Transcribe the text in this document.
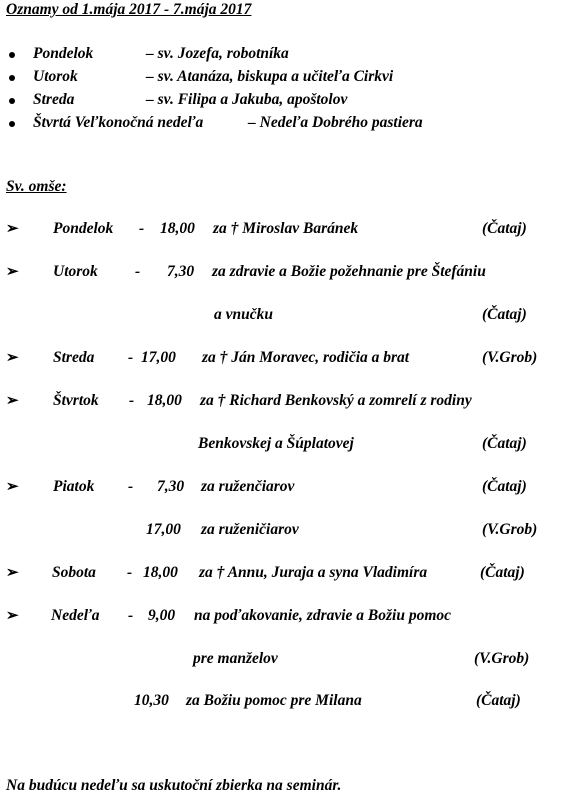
Oznamy od 1.mája 2017 - 7.mája 2017
Pondelok	– sv. Jozefa, robotníka
Utorok	– sv. Atanáza, biskupa a učiteľa Cirkvi
Streda	– sv. Filipa a Jakuba, apoštolov
Štvrtá Veľkonočná nedeľa	– Nedeľa Dobrého pastiera
Sv. omše:
➢ Pondelok - 18,00 za † Miroslav Baránek	(Čataj)
➢ Utorok - 7,30 za zdravie a Božie požehnanie pre Štefániu
a vnučku	(Čataj)
➢ Streda - 17,00 za † Ján Moravec, rodičia a brat	(V.Grob)
➢ Štvrtok - 18,00 za † Richard Benkovský a zomrelí z rodiny
Benkovskej a Šúplatovej	(Čataj)
➢ Piatok - 7,30 za ruženčiarov	(Čataj)
17,00 za ruženičiarov	(V.Grob)
➢ Sobota - 18,00 za † Annu, Juraja a syna Vladimíra	(Čataj)
➢ Nedeľa - 9,00 na poďakovanie, zdravie a Božiu pomoc
pre manželov	(V.Grob)
10,30 za Božiu pomoc pre Milana	(Čataj)
Na budúcu nedeľu sa uskutoční zbierka na seminár.
